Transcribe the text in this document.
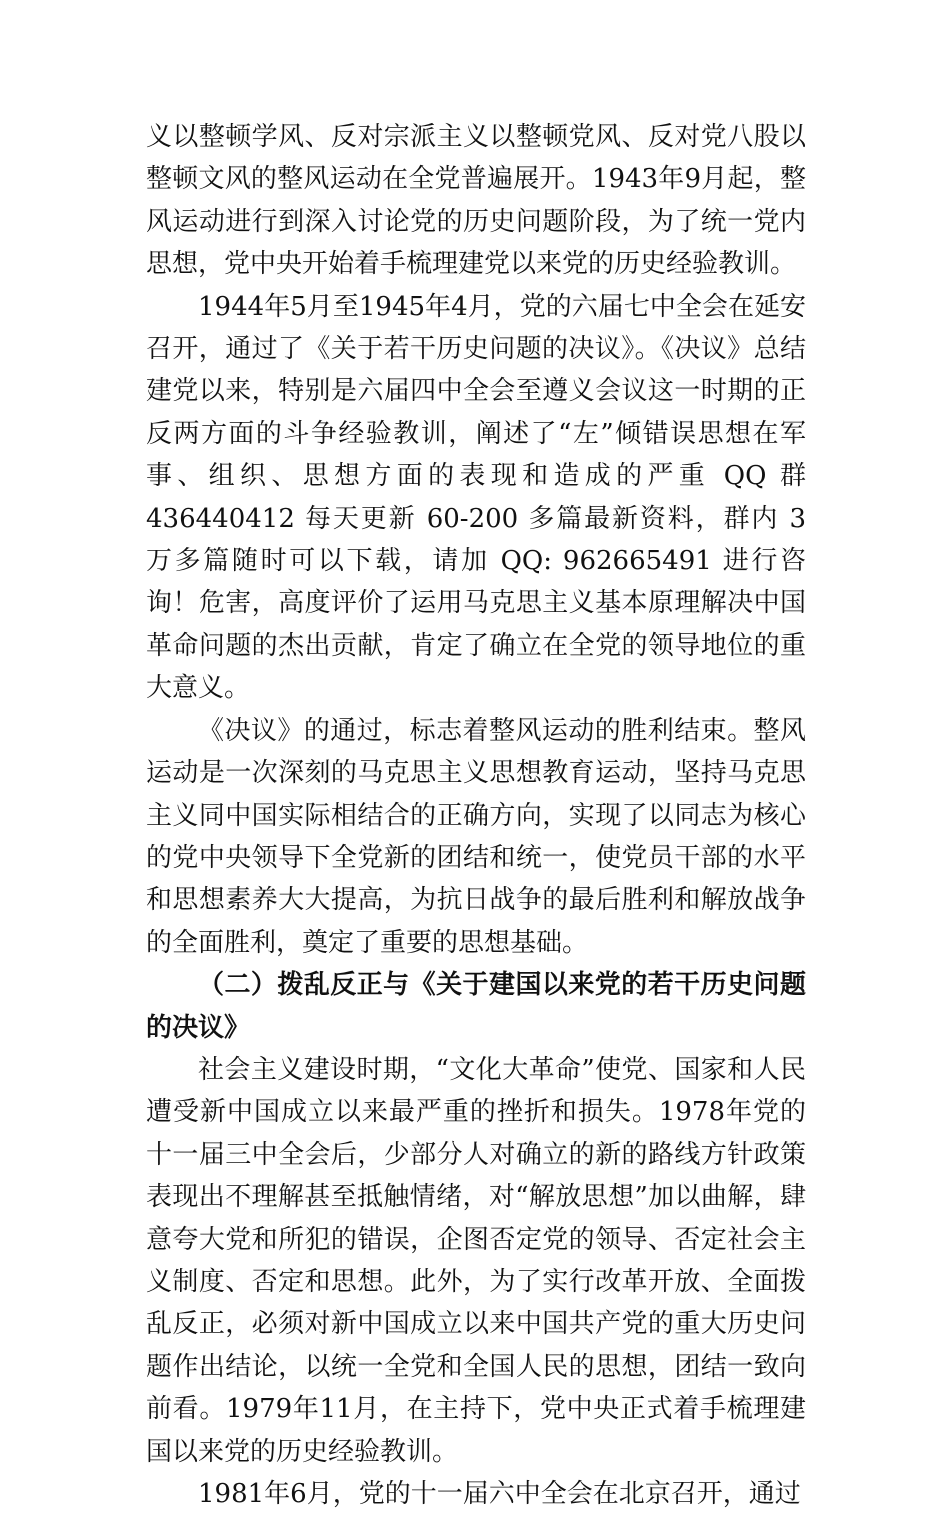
义以整顿学风、反对宗派主义以整顿党风、反对党八股以整顿文风的整风运动在全党普遍展开。1943年9月起，整风运动进行到深入讨论党的历史问题阶段，为了统一党内思想，党中央开始着手梳理建党以来党的历史经验教训。

1944年5月至1945年4月，党的六届七中全会在延安召开，通过了《关于若干历史问题的决议》。《决议》总结建党以来，特别是六届四中全会至遵义会议这一时期的正反两方面的斗争经验教训，阐述了“左”倾错误思想在军事、组织、思想方面的表现和造成的严重 QQ 群 436440412 每天更新 60-200 多篇最新资料，群内 3 万多篇随时可以下载，请加 QQ: 962665491 进行咨询！危害，高度评价了运用马克思主义基本原理解决中国革命问题的杰出贡献，肯定了确立在全党的领导地位的重大意义。

《决议》的通过，标志着整风运动的胜利结束。整风运动是一次深刻的马克思主义思想教育运动，坚持马克思主义同中国实际相结合的正确方向，实现了以同志为核心的党中央领导下全党新的团结和统一，使党员干部的水平和思想素养大大提高，为抗日战争的最后胜利和解放战争的全面胜利，奠定了重要的思想基础。

（二）拨乱反正与《关于建国以来党的若干历史问题的决议》

社会主义建设时期，“文化大革命”使党、国家和人民遭受新中国成立以来最严重的挫折和损失。1978年党的十一届三中全会后，少部分人对确立的新的路线方针政策表现出不理解甚至抵触情绪，对“解放思想”加以曲解，肆意夸大党和所犯的错误，企图否定党的领导、否定社会主义制度、否定和思想。此外，为了实行改革开放、全面拨乱反正，必须对新中国成立以来中国共产党的重大历史问题作出结论，以统一全党和全国人民的思想，团结一致向前看。1979年11月，在主持下，党中央正式着手梳理建国以来党的历史经验教训。

1981年6月，党的十一届六中全会在北京召开，通过
